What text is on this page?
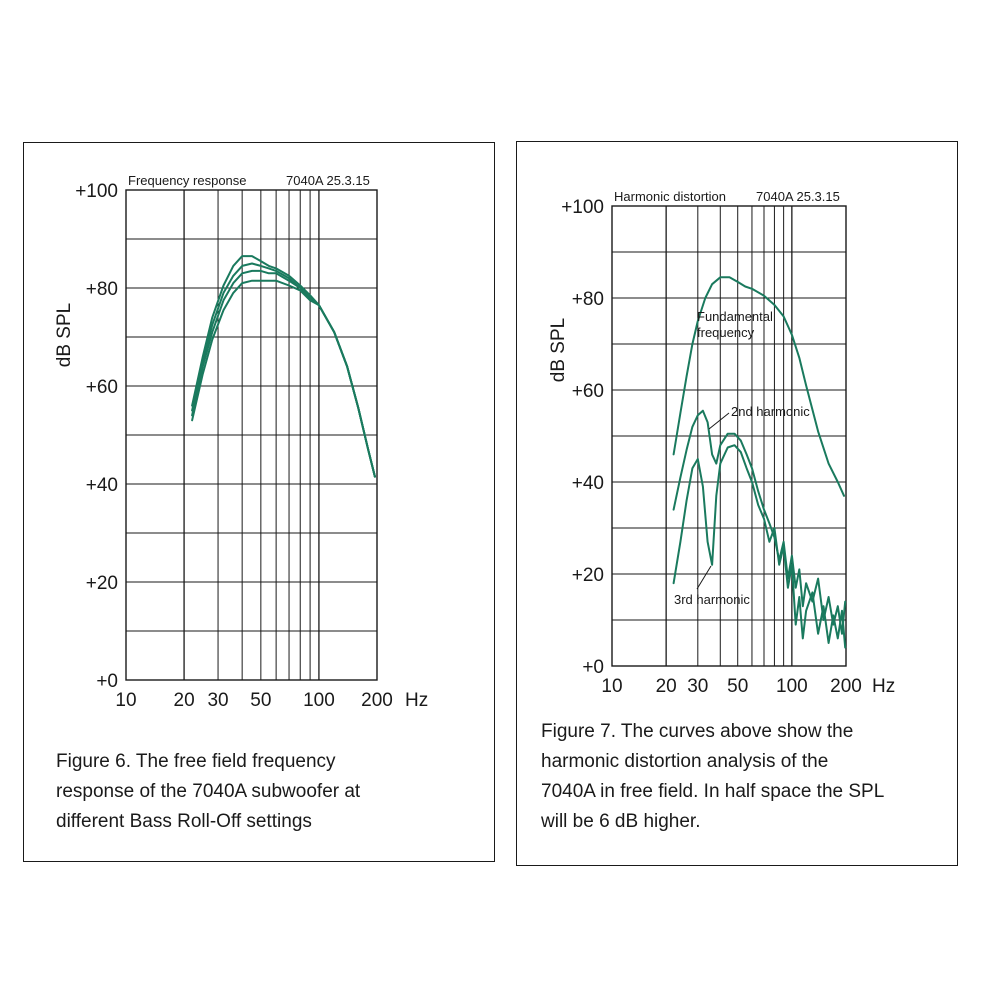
Frequency response	7040A 25.3.15
dB SPL
Hz
+0
+20
+40
+60
+80
+100
10 20 30 50 100 200

Figure 6. The free field frequency
response of the 7040A subwoofer at
different Bass Roll-Off settings

Harmonic distortion 7040A 25.3.15
dB SPL
Hz
+0
+20
+40
+60
+80
+100
10 20 30 50 100 200
Fundamental frequency
2nd harmonic
3rd harmonic

Figure 7. The curves above show the
harmonic distortion analysis of the
7040A in free field. In half space the SPL
will be 6 dB higher.
